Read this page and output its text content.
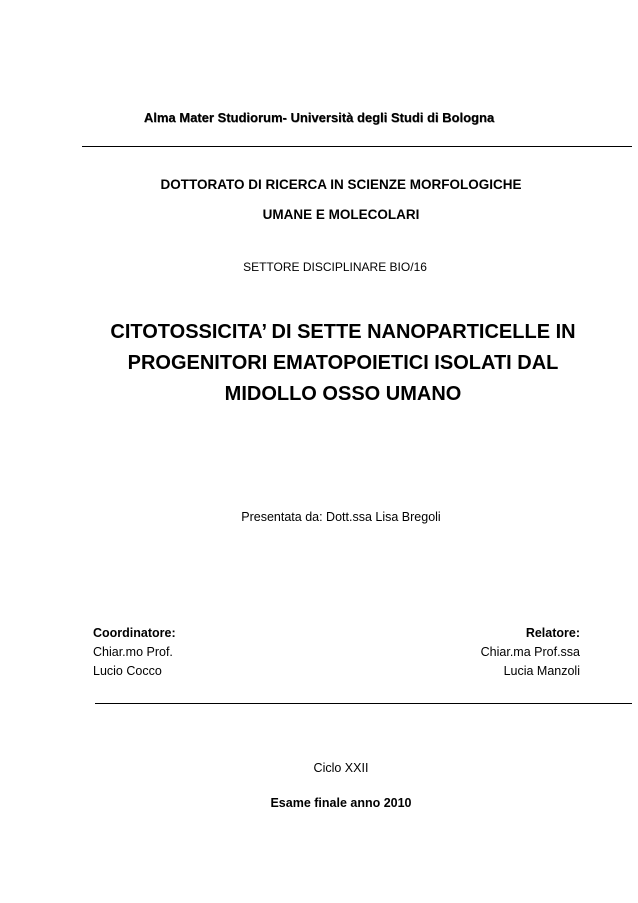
Alma Mater Studiorum- Università degli Studi di Bologna
DOTTORATO DI RICERCA IN SCIENZE MORFOLOGICHE
UMANE E MOLECOLARI
SETTORE DISCIPLINARE BIO/16
CITOTOSSICITA’ DI SETTE NANOPARTICELLE IN
PROGENITORI EMATOPOIETICI ISOLATI DAL
MIDOLLO OSSO UMANO
Presentata da: Dott.ssa Lisa Bregoli
Coordinatore:
Chiar.mo Prof.
Lucio Cocco
Relatore:
Chiar.ma Prof.ssa
Lucia Manzoli
Ciclo XXII
Esame finale anno 2010
